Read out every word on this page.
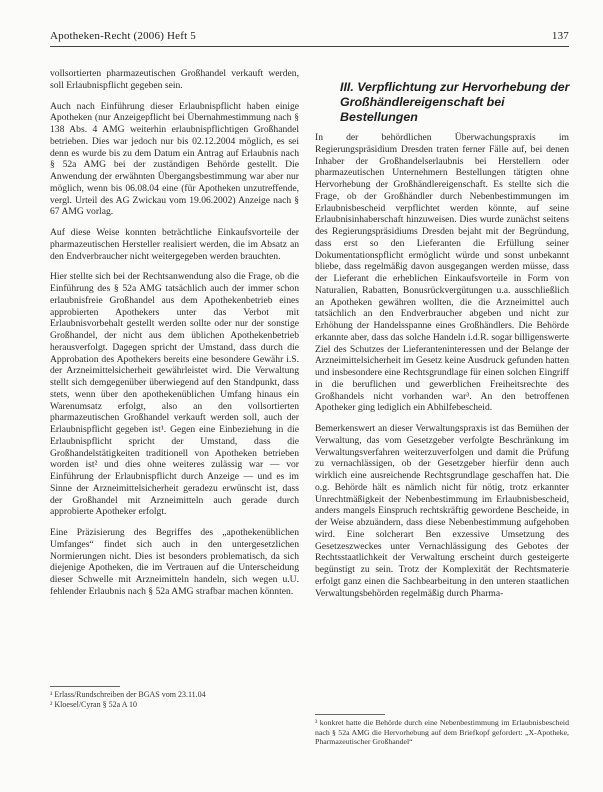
Apotheken-Recht (2006) Heft 5	137

vollsortierten pharmazeutischen Großhandel verkauft werden, soll Erlaubnispflicht gegeben sein.

Auch nach Einführung dieser Erlaubnispflicht haben einige Apotheken (nur Anzeigepflicht bei Übernahmestimmung nach § 138 Abs. 4 AMG weiterhin erlaubnispflichtigen Großhandel betrieben. Dies war jedoch nur bis 02.12.2004 möglich, es sei denn es wurde bis zu dem Datum ein Antrag auf Erlaubnis nach § 52a AMG bei der zuständigen Behörde gestellt. Die Anwendung der erwähnten Übergangsbestimmung war aber nur möglich, wenn bis 06.08.04 eine (für Apotheken unzutreffende, vergl. Urteil des AG Zwickau vom 19.06.2002) Anzeige nach § 67 AMG vorlag.

Auf diese Weise konnten beträchtliche Einkaufsvorteile der pharmazeutischen Hersteller realisiert werden, die im Absatz an den Endverbraucher nicht weitergegeben werden brauchten.

Hier stellte sich bei der Rechtsanwendung also die Frage, ob die Einführung des § 52a AMG tatsächlich auch der immer schon erlaubnisfreie Großhandel aus dem Apothekenbetrieb eines approbierten Apothekers unter das Verbot mit Erlaubnisvorbehalt gestellt werden sollte oder nur der sonstige Großhandel, der nicht aus dem üblichen Apothekenbetrieb herausverfolgt. Dagegen spricht der Umstand, dass durch die Approbation des Apothekers bereits eine besondere Gewähr i.S. der Arzneimittelsicherheit gewährleistet wird. Die Verwaltung stellt sich demgegenüber überwiegend auf den Standpunkt, dass stets, wenn über den apothekenüblichen Umfang hinaus ein Warenumsatz erfolgt, also an den vollsortierten pharmazeutischen Großhandel verkauft werden soll, auch der Erlaubnispflicht gegeben ist¹. Gegen eine Einbeziehung in die Erlaubnispflicht spricht der Umstand, dass die Großhandelstätigkeiten traditionell von Apotheken betrieben worden ist² und dies ohne weiteres zulässig war — vor Einführung der Erlaubnispflicht durch Anzeige — und es im Sinne der Arzneimittelsicherheit geradezu erwünscht ist, dass der Großhandel mit Arzneimitteln auch gerade durch approbierte Apotheker erfolgt.

Eine Präzisierung des Begriffes des „apothekenüblichen Umfanges“ findet sich auch in den untergesetzlichen Normierungen nicht. Dies ist besonders problematisch, da sich diejenige Apotheken, die im Vertrauen auf die Unterscheidung dieser Schwelle mit Arzneimitteln handeln, sich wegen u.U. fehlender Erlaubnis nach § 52a AMG strafbar machen könnten.

¹ Erlass/Rundschreiben der BGAS vom 23.11.04
² Kloesel/Cyran § 52a A 10
III. Verpflichtung zur Hervorhebung der Großhändlereigenschaft bei Bestellungen

In der behördlichen Überwachungspraxis im Regierungspräsidium Dresden traten ferner Fälle auf, bei denen Inhaber der Großhandelserlaubnis bei Herstellern oder pharmazeutischen Unternehmern Bestellungen tätigten ohne Hervorhebung der Großhändlereigenschaft. Es stellte sich die Frage, ob der Großhändler durch Nebenbestimmungen im Erlaubnisbescheid verpflichtet werden könnte, auf seine Erlaubnisinhaberschaft hinzuweisen. Dies wurde zunächst seitens des Regierungspräsidiums Dresden bejaht mit der Begründung, dass erst so den Lieferanten die Erfüllung seiner Dokumentationspflicht ermöglicht würde und sonst unbekannt bliebe, dass regelmäßig davon ausgegangen werden müsse, dass der Lieferant die erheblichen Einkaufsvorteile in Form von Naturalien, Rabatten, Bonusrückvergütungen u.a. ausschließlich an Apotheken gewähren wollten, die die Arzneimittel auch tatsächlich an den Endverbraucher abgeben und nicht zur Erhöhung der Handelsspanne eines Großhändlers. Die Behörde erkannte aber, dass das solche Handeln i.d.R. sogar billigenswerte Ziel des Schutzes der Lieferanteninteressen und der Belange der Arzneimittelsicherheit im Gesetz keine Ausdruck gefunden hatten und insbesondere eine Rechtsgrundlage für einen solchen Eingriff in die beruflichen und gewerblichen Freiheitsrechte des Großhandels nicht vorhanden war³. An den betroffenen Apotheker ging lediglich ein Abhilfebescheid.

Bemerkenswert an dieser Verwaltungspraxis ist das Bemühen der Verwaltung, das vom Gesetzgeber verfolgte Beschränkung im Verwaltungsverfahren weiterzuverfolgen und damit die Prüfung zu vernachlässigen, ob der Gesetzgeber hierfür denn auch wirklich eine ausreichende Rechtsgrundlage geschaffen hat. Die o.g. Behörde hält es nämlich nicht für nötig, trotz erkannter Unrechtmäßigkeit der Nebenbestimmung im Erlaubnisbescheid, anders mangels Einspruch rechtskräftig gewordene Bescheide, in der Weise abzuändern, dass diese Nebenbestimmung aufgehoben wird. Eine solcherart Ben exzessive Umsetzung des Gesetzeszweckes unter Vernachlässigung des Gebotes der Rechtsstaatlichkeit der Verwaltung erscheint durch gesteigerte begünstigt zu sein. Trotz der Komplexität der Rechtsmaterie erfolgt ganz einen die Sachbearbeitung in den unteren staatlichen Verwaltungsbehörden regelmäßig durch Pharma-

³ konkret hatte die Behörde durch eine Nebenbestimmung im Erlaubnisbescheid nach § 52a AMG die Hervorhebung auf dem Briefkopf gefordert: „X-Apotheke, Pharmazeutischer Großhandel“
